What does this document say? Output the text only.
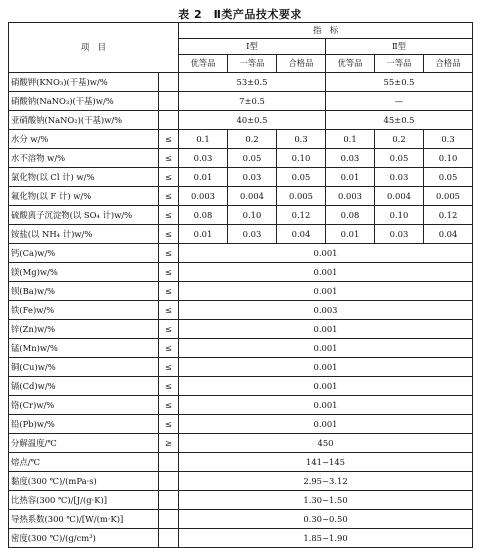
表 2　Ⅱ类产品技术要求
项　目		指　标					
		Ⅰ型			Ⅱ型		
		优等品	一等品	合格品	优等品	一等品	合格品
硝酸钾(KNO₃)(干基)w/%		53±0.5			55±0.5		
硝酸钠(NaNO₃)(干基)w/%		7±0.5			—		
亚硝酸钠(NaNO₂)(干基)w/%		40±0.5			45±0.5		
水分 w/%	≤	0.1	0.2	0.3	0.1	0.2	0.3
水不溶物 w/%	≤	0.03	0.05	0.10	0.03	0.05	0.10
氯化物(以 Cl 计) w/%	≤	0.01	0.03	0.05	0.01	0.03	0.05
氟化物(以 F 计) w/%	≤	0.003	0.004	0.005	0.003	0.004	0.005
硫酸离子沉淀物(以 SO₄ 计)w/%	≤	0.08	0.10	0.12	0.08	0.10	0.12
铵盐(以 NH₄ 计)w/%	≤	0.01	0.03	0.04	0.01	0.03	0.04
钙(Ca)w/%	≤	0.001					
镁(Mg)w/%	≤	0.001					
钡(Ba)w/%	≤	0.001					
铁(Fe)w/%	≤	0.003					
锌(Zn)w/%	≤	0.001					
锰(Mn)w/%	≤	0.001					
铜(Cu)w/%	≤	0.001					
镉(Cd)w/%	≤	0.001					
铬(Cr)w/%	≤	0.001					
铅(Pb)w/%	≤	0.001					
分解温度/℃	≥	450					
熔点/℃		141~145					
黏度(300 ℃)/(mPa·s)		2.95~3.12					
比热容(300 ℃)/[J/(g·K)]		1.30~1.50					
导热系数(300 ℃)/[W/(m·K)]		0.30~0.50					
密度(300 ℃)/(g/cm³)		1.85~1.90					
